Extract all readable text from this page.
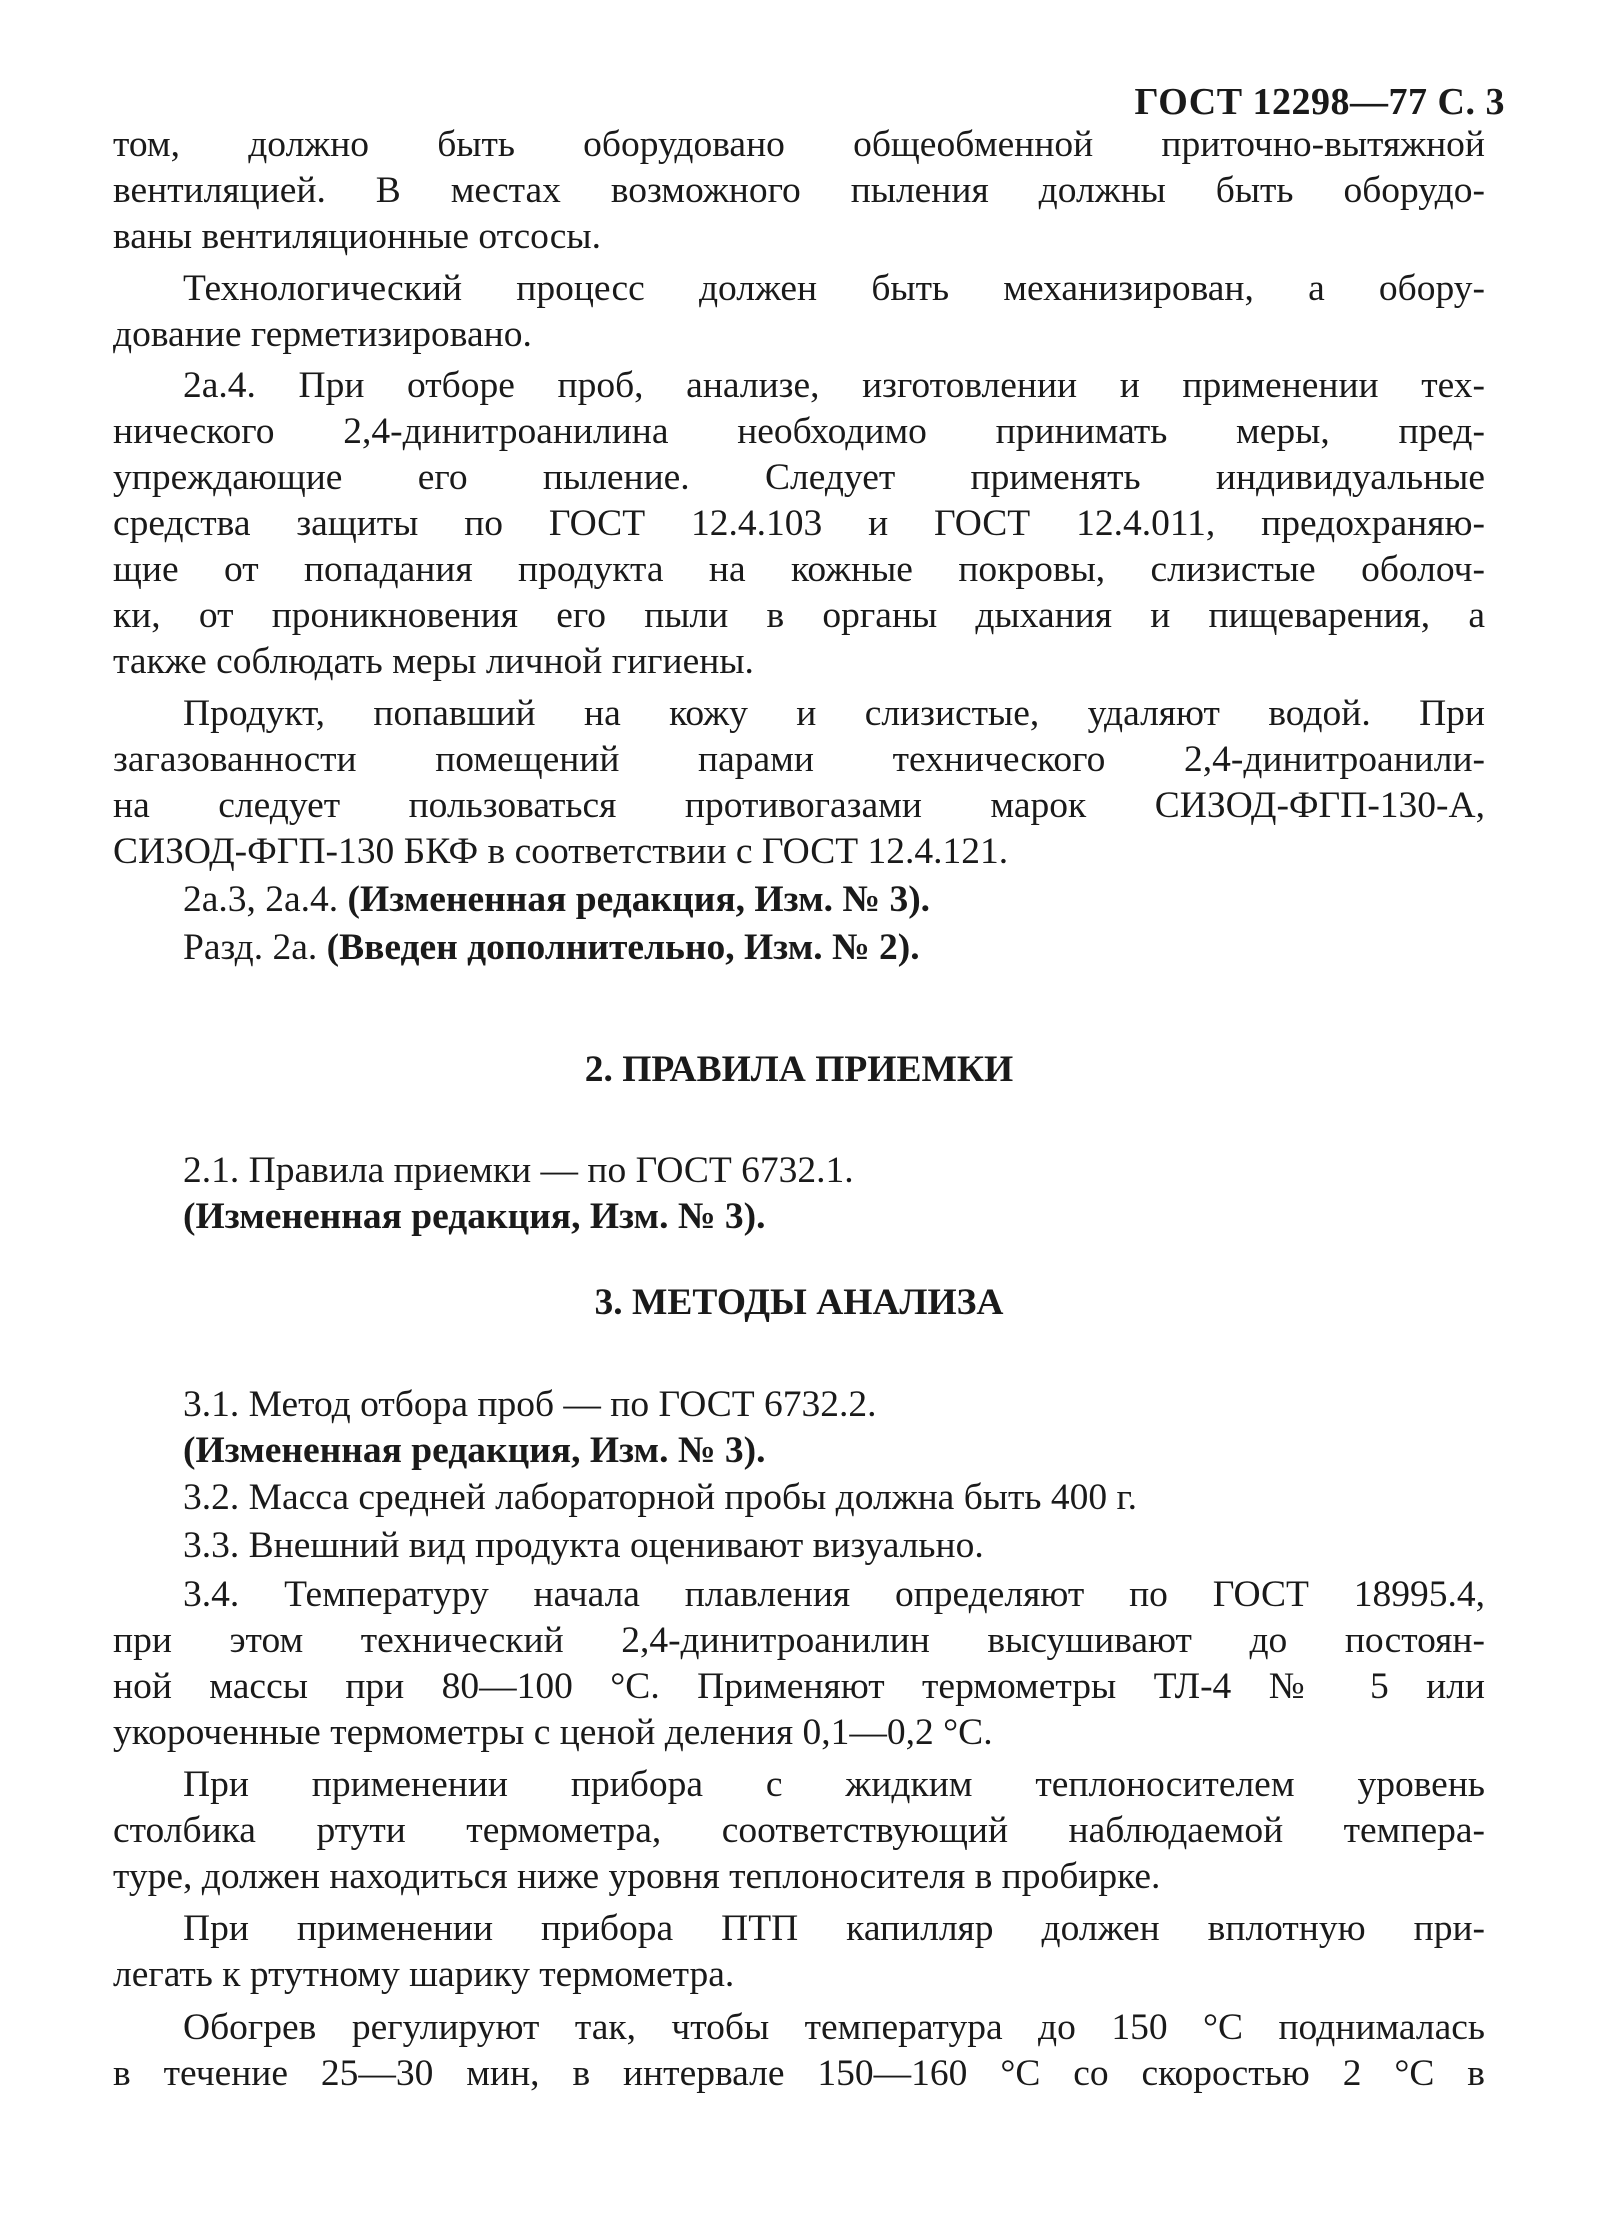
ГОСТ 12298—77 С. 3
том, должно быть оборудовано общеобменной приточно-вытяжной
вентиляцией. В местах возможного пыления должны быть оборудо-
ваны вентиляционные отсосы.
Технологический процесс должен быть механизирован, а обору-
дование герметизировано.
2а.4. При отборе проб, анализе, изготовлении и применении тех-
нического 2,4-динитроанилина необходимо принимать меры, пред-
упреждающие его пыление. Следует применять индивидуальные
средства защиты по ГОСТ 12.4.103 и ГОСТ 12.4.011, предохраняю-
щие от попадания продукта на кожные покровы, слизистые оболоч-
ки, от проникновения его пыли в органы дыхания и пищеварения, а
также соблюдать меры личной гигиены.
Продукт, попавший на кожу и слизистые, удаляют водой. При
загазованности помещений парами технического 2,4-динитроанили-
на следует пользоваться противогазами марок СИЗОД-ФГП-130-А,
СИЗОД-ФГП-130 БКФ в соответствии с ГОСТ 12.4.121.
2а.3, 2а.4. (Измененная редакция, Изм. № 3).
Разд. 2а. (Введен дополнительно, Изм. № 2).
2. ПРАВИЛА ПРИЕМКИ
2.1. Правила приемки — по ГОСТ 6732.1.
(Измененная редакция, Изм. № 3).
3. МЕТОДЫ АНАЛИЗА
3.1. Метод отбора проб — по ГОСТ 6732.2.
(Измененная редакция, Изм. № 3).
3.2. Масса средней лабораторной пробы должна быть 400 г.
3.3. Внешний вид продукта оценивают визуально.
3.4. Температуру начала плавления определяют по ГОСТ 18995.4,
при этом технический 2,4-динитроанилин высушивают до постоян-
ной массы при 80—100 °С. Применяют термометры ТЛ-4 № 5 или
укороченные термометры с ценой деления 0,1—0,2 °С.
При применении прибора с жидким теплоносителем уровень
столбика ртути термометра, соответствующий наблюдаемой темпера-
туре, должен находиться ниже уровня теплоносителя в пробирке.
При применении прибора ПТП капилляр должен вплотную при-
легать к ртутному шарику термометра.
Обогрев регулируют так, чтобы температура до 150 °С поднималась
в течение 25—30 мин, в интервале 150—160 °С со скоростью 2 °С в
